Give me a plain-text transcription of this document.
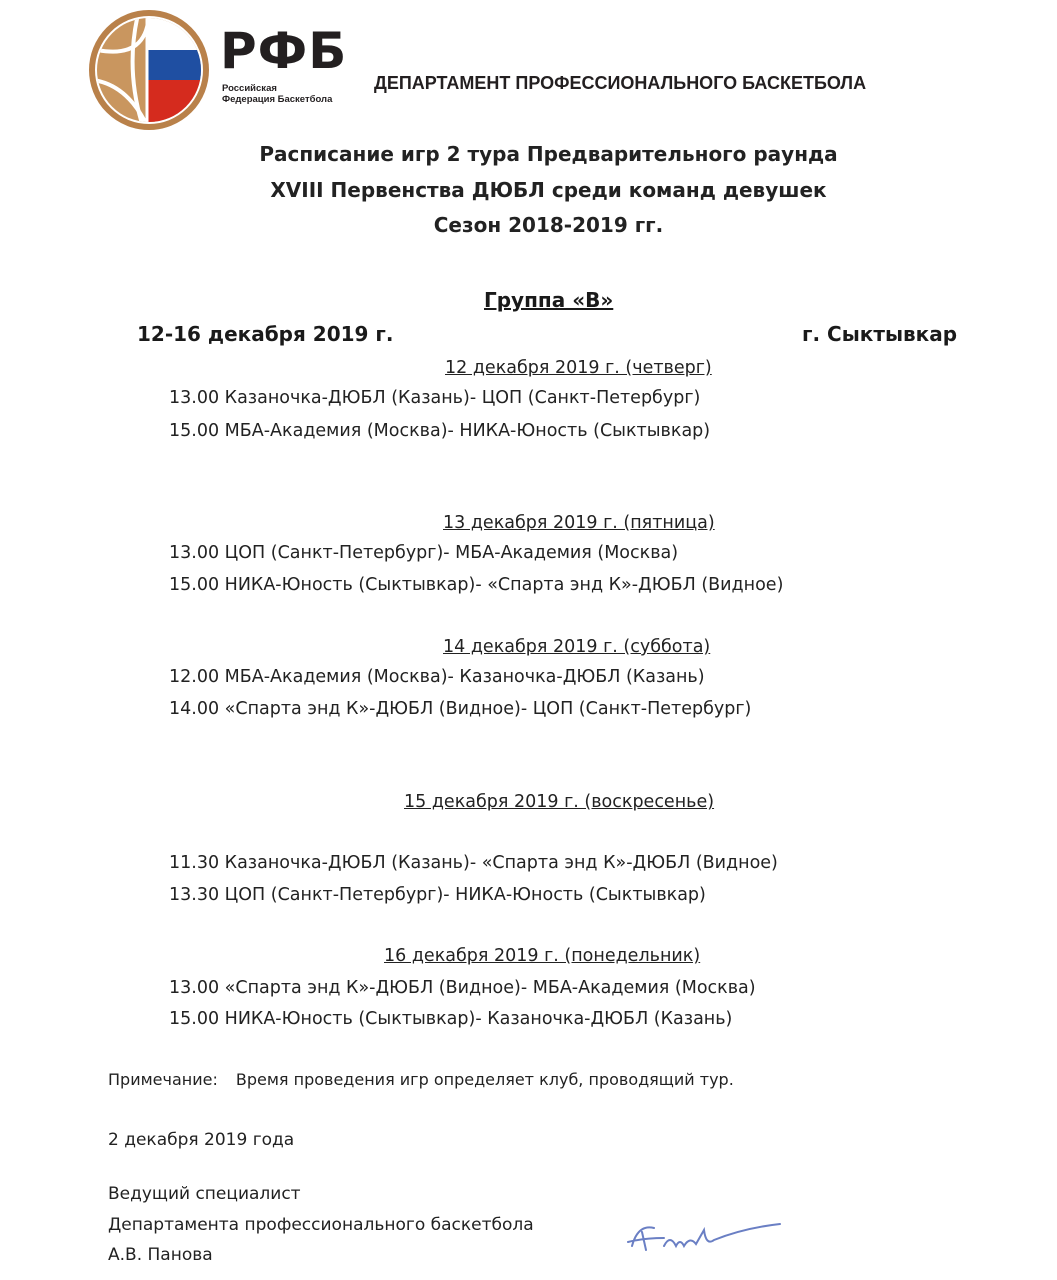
РФБ
Российская
Федерация Баскетбола
ДЕПАРТАМЕНТ ПРОФЕССИОНАЛЬНОГО БАСКЕТБОЛА
Расписание игр 2 тура Предварительного раунда
XVIII Первенства ДЮБЛ среди команд девушек
Сезон 2018-2019 гг.
Группа «В»
12-16 декабря 2019 г.	г. Сыктывкар
12 декабря 2019 г. (четверг)
13.00 Казаночка-ДЮБЛ (Казань)- ЦОП (Санкт-Петербург)
15.00 МБА-Академия (Москва)- НИКА-Юность (Сыктывкар)
13 декабря 2019 г. (пятница)
13.00 ЦОП (Санкт-Петербург)- МБА-Академия (Москва)
15.00 НИКА-Юность (Сыктывкар)- «Спарта энд К»-ДЮБЛ (Видное)
14 декабря 2019 г. (суббота)
12.00 МБА-Академия (Москва)- Казаночка-ДЮБЛ (Казань)
14.00 «Спарта энд К»-ДЮБЛ (Видное)- ЦОП (Санкт-Петербург)
15 декабря 2019 г. (воскресенье)
11.30 Казаночка-ДЮБЛ (Казань)- «Спарта энд К»-ДЮБЛ (Видное)
13.30 ЦОП (Санкт-Петербург)- НИКА-Юность (Сыктывкар)
16 декабря 2019 г. (понедельник)
13.00 «Спарта энд К»-ДЮБЛ (Видное)- МБА-Академия (Москва)
15.00 НИКА-Юность (Сыктывкар)- Казаночка-ДЮБЛ (Казань)
Примечание: Время проведения игр определяет клуб, проводящий тур.
2 декабря 2019 года
Ведущий специалист
Департамента профессионального баскетбола
А.В. Панова
